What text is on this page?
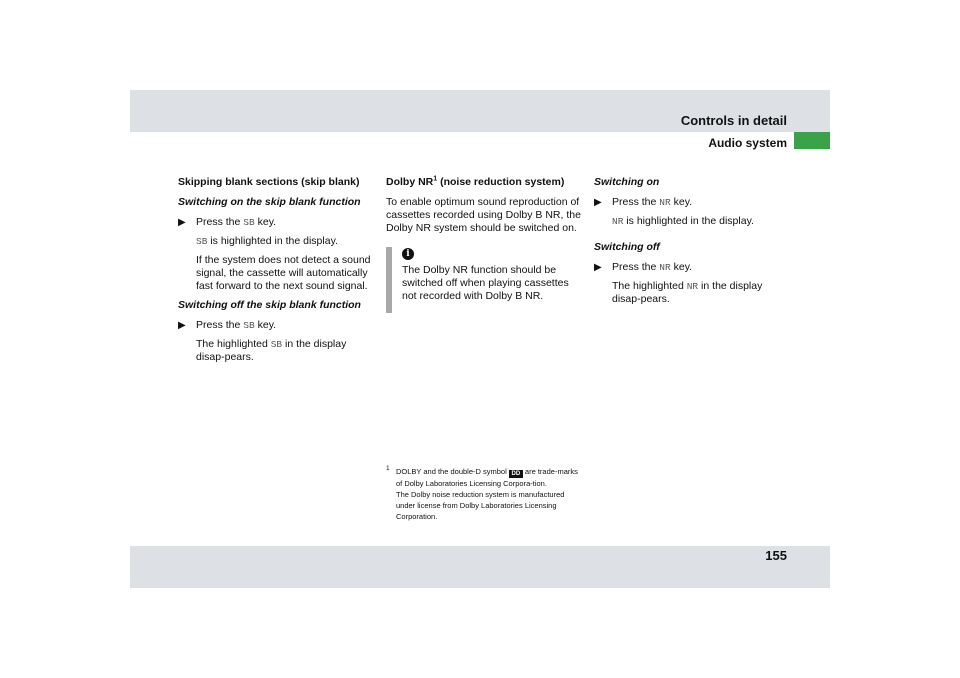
Controls in detail
Audio system
Skipping blank sections (skip blank)
Switching on the skip blank function
▶ Press the SB key.
SB is highlighted in the display.
If the system does not detect a sound signal, the cassette will automatically fast forward to the next sound signal.
Switching off the skip blank function
▶ Press the SB key.
The highlighted SB in the display disap-pears.
Dolby $NR^1$ (noise reduction system)

To enable optimum sound reproduction of cassettes recorded using Dolby B NR, the Dolby NR system should be switched on.

i
The Dolby NR function should be switched off when playing cassettes not recorded with Dolby B NR.
Switching on
▶ Press the NR key.
NR is highlighted in the display.
Switching off
▶ Press the NR key.
The highlighted NR in the display disap-pears.
1 DOLBY and the double-D symbol DD are trade-marks of Dolby Laboratories Licensing Corpora-tion.
The Dolby noise reduction system is manufactured under license from Dolby Laboratories Licensing Corporation.
155
